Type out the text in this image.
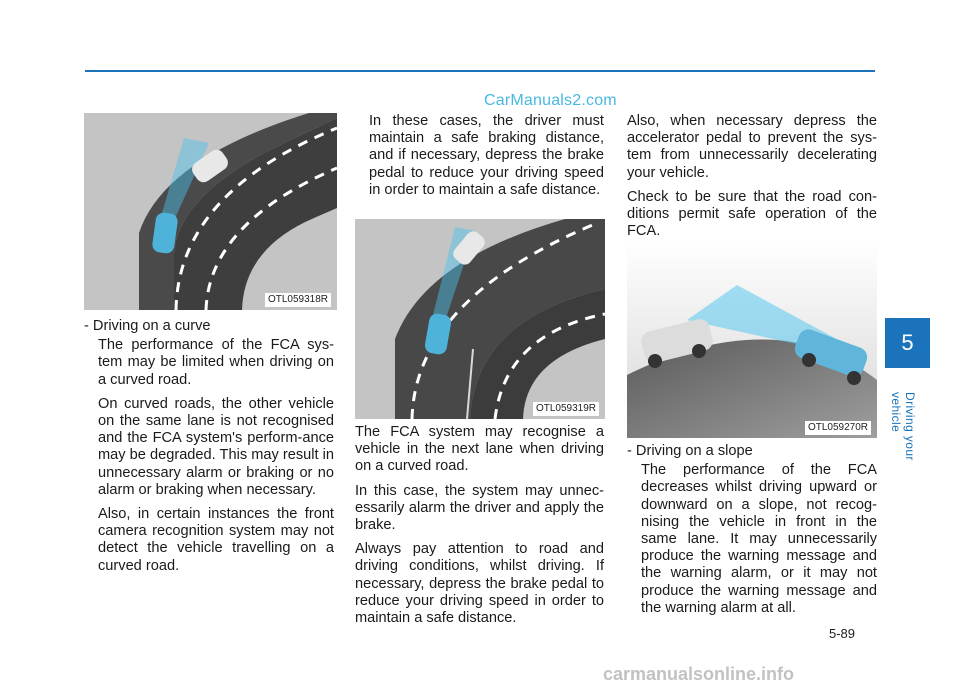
CarManuals2.com
OTL059318R

- Driving on a curve

The performance of the FCA sys-tem may be limited when driving on a curved road.

On curved roads, the other vehicle on the same lane is not recognised and the FCA system's perform-ance may be degraded. This may result in unnecessary alarm or braking or no alarm or braking when necessary.

Also, in certain instances the front camera recognition system may not detect the vehicle travelling on a curved road.

In these cases, the driver must maintain a safe braking distance, and if necessary, depress the brake pedal to reduce your driving speed in order to maintain a safe distance.

OTL059319R

The FCA system may recognise a vehicle in the next lane when driving on a curved road.

In this case, the system may unnec-essarily alarm the driver and apply the brake.

Always pay attention to road and driving conditions, whilst driving. If necessary, depress the brake pedal to reduce your driving speed in order to maintain a safe distance.

Also, when necessary depress the accelerator pedal to prevent the sys-tem from unnecessarily decelerating your vehicle.

Check to be sure that the road con-ditions permit safe operation of the FCA.

OTL059270R

- Driving on a slope

The performance of the FCA decreases whilst driving upward or downward on a slope, not recog-nising the vehicle in front in the same lane. It may unnecessarily produce the warning message and the warning alarm, or it may not produce the warning message and the warning alarm at all.

5
Driving your vehicle
5-89
carmanualsonline.info
